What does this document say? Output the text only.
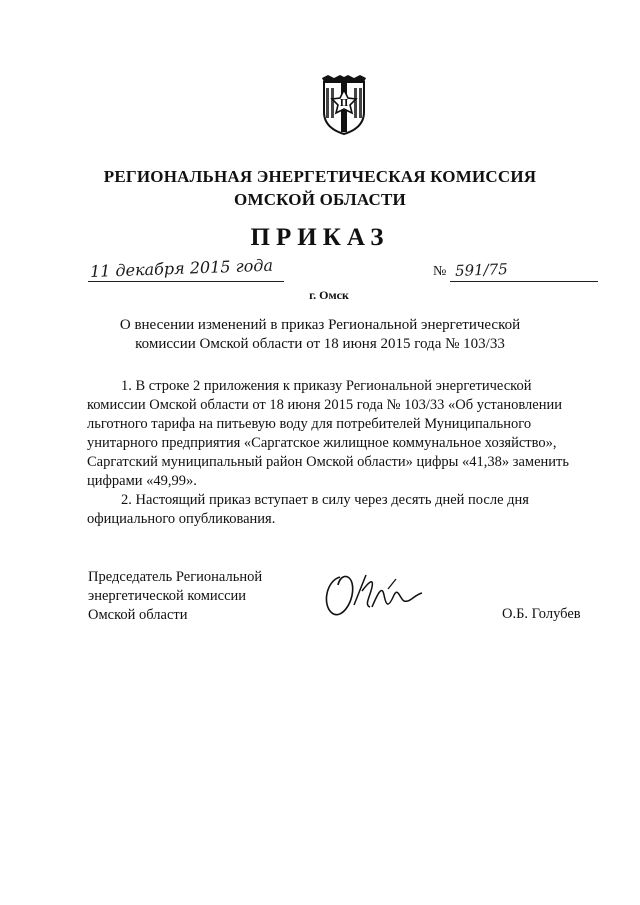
П
РЕГИОНАЛЬНАЯ ЭНЕРГЕТИЧЕСКАЯ КОМИССИЯ
ОМСКОЙ ОБЛАСТИ
ПРИКАЗ
11 декабря 2015 года	№ 591/75
г. Омск
О внесении изменений в приказ Региональной энергетической
комиссии Омской области от 18 июня 2015 года № 103/33
1. В строке 2 приложения к приказу Региональной энергетической
комиссии Омской области от 18 июня 2015 года № 103/33 «Об установлении
льготного тарифа на питьевую воду для потребителей Муниципального
унитарного предприятия «Саргатское жилищное коммунальное хозяйство»,
Саргатский муниципальный район Омской области» цифры «41,38» заменить
цифрами «49,99».
2. Настоящий приказ вступает в силу через десять дней после дня
официального опубликования.
Председатель Региональной
энергетической комиссии
Омской области	О.Б. Голубев
